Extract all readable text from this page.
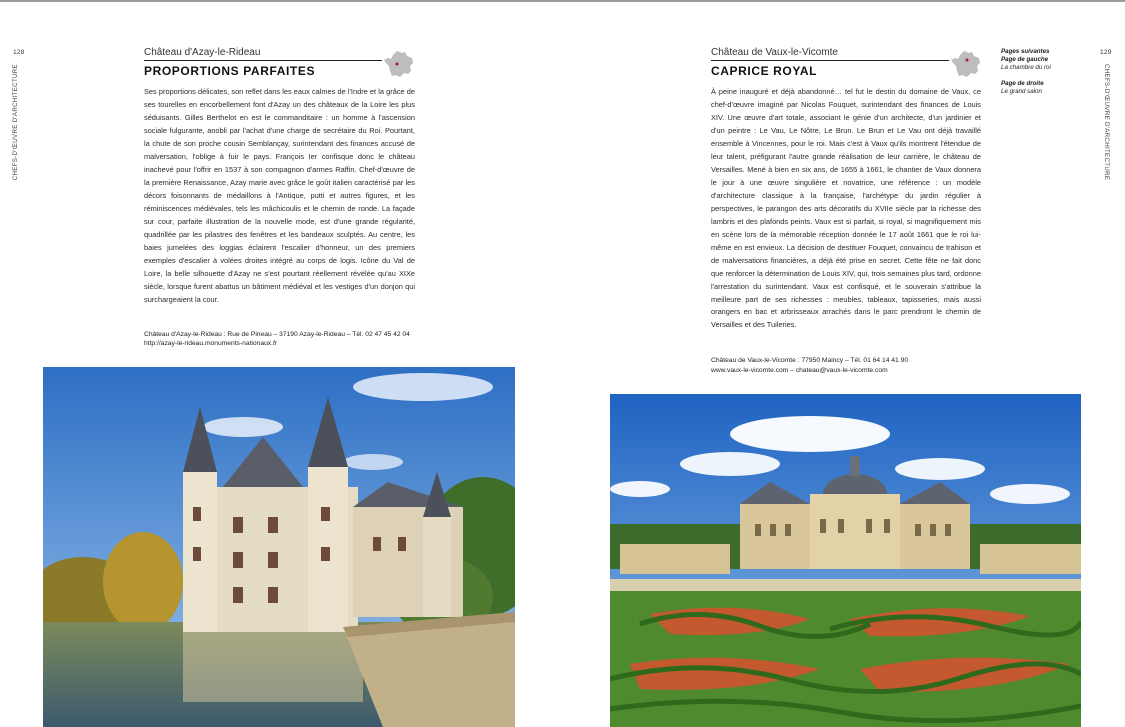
128
CHEFS-D'ŒUVRE D'ARCHITECTURE
Château d'Azay-le-Rideau
PROPORTIONS PARFAITES

Ses proportions délicates, son reflet dans les eaux calmes de l'Indre et la grâce de ses tourelles en encorbellement font d'Azay un des châteaux de la Loire les plus séduisants. Gilles Berthelot en est le commanditaire : un homme à l'ascension sociale fulgurante, anobli par l'achat d'une charge de secrétaire du Roi. Pourtant, la chute de son proche cousin Semblançay, surintendant des finances accusé de malversation, l'oblige à fuir le pays. François Ier confisque donc le château inachevé pour l'offrir en 1537 à son compagnon d'armes Raffin. Chef-d'œuvre de la première Renaissance, Azay marie avec grâce le goût italien caractérisé par les décors foisonnants de médaillons à l'Antique, putti et autres figures, et les réminiscences médiévales, tels les mâchicoulis et le chemin de ronde. La façade sur cour, parfaite illustration de la nouvelle mode, est d'une grande régularité, quadrillée par les pilastres des fenêtres et les bandeaux sculptés. Au centre, les baies jumelées des loggias éclairent l'escalier d'honneur, un des premiers exemples d'escalier à volées droites intégré au corps de logis. Icône du Val de Loire, la belle silhouette d'Azay ne s'est pourtant réellement révélée qu'au XIXe siècle, lorsque furent abattus un bâtiment médiéval et les vestiges d'un donjon qui surchargeaient la cour.

Château d'Azay-le-Rideau : Rue de Pineau – 37190 Azay-le-Rideau – Tél. 02 47 45 42 04
http://azay-le-rideau.monuments-nationaux.fr
129
CHEFS-D'ŒUVRE D'ARCHITECTURE
Château de Vaux-le-Vicomte
CAPRICE ROYAL
Pages suivantes
Page de gauche
La chambre du roi
Page de droite
Le grand salon

À peine inauguré et déjà abandonné… tel fut le destin du domaine de Vaux, ce chef-d'œuvre imaginé par Nicolas Fouquet, surintendant des finances de Louis XIV. Une œuvre d'art totale, associant le génie d'un architecte, d'un jardinier et d'un peintre : Le Vau, Le Nôtre, Le Brun. Le Brun et Le Vau ont déjà travaillé ensemble à Vincennes, pour le roi. Mais c'est à Vaux qu'ils montrent l'étendue de leur talent, préfigurant l'autre grande réalisation de leur carrière, le château de Versailles. Mené à bien en six ans, de 1655 à 1661, le chantier de Vaux donnera le jour à une œuvre singulière et novatrice, une référence : un modèle d'architecture classique à la française, l'archétype du jardin régulier à perspectives, le parangon des arts décoratifs du XVIIe siècle par la richesse des lambris et des plafonds peints. Vaux est si parfait, si royal, si magnifiquement mis en scène lors de la mémorable réception donnée le 17 août 1661 que le roi lui-même en est envieux. La décision de destituer Fouquet, convaincu de trahison et de malversations financières, a déjà été prise en secret. Cette fête ne fait donc que renforcer la détermination de Louis XIV, qui, trois semaines plus tard, ordonne l'arrestation du surintendant. Vaux est confisqué, et le souverain s'attribue la meilleure part de ses richesses : meubles, tableaux, tapisseries, mais aussi orangers en bac et arbrisseaux arrachés dans le parc prendront le chemin de Versailles et des Tuileries.

Château de Vaux-le-Vicomte : 77950 Maincy – Tél. 01 64 14 41 90
www.vaux-le-vicomte.com – chateau@vaux-le-vicomte.com
